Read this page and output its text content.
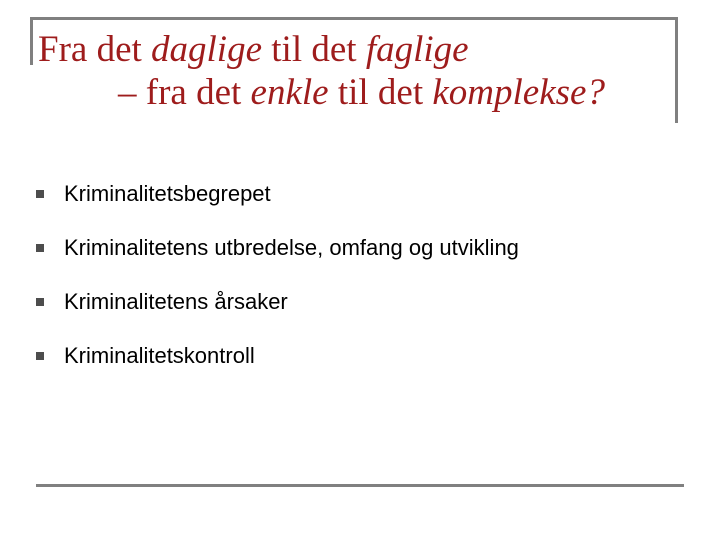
Fra det daglige til det faglige
– fra det enkle til det komplekse?
Kriminalitetsbegrepet
Kriminalitetens utbredelse, omfang og utvikling
Kriminalitetens årsaker
Kriminalitetskontroll
